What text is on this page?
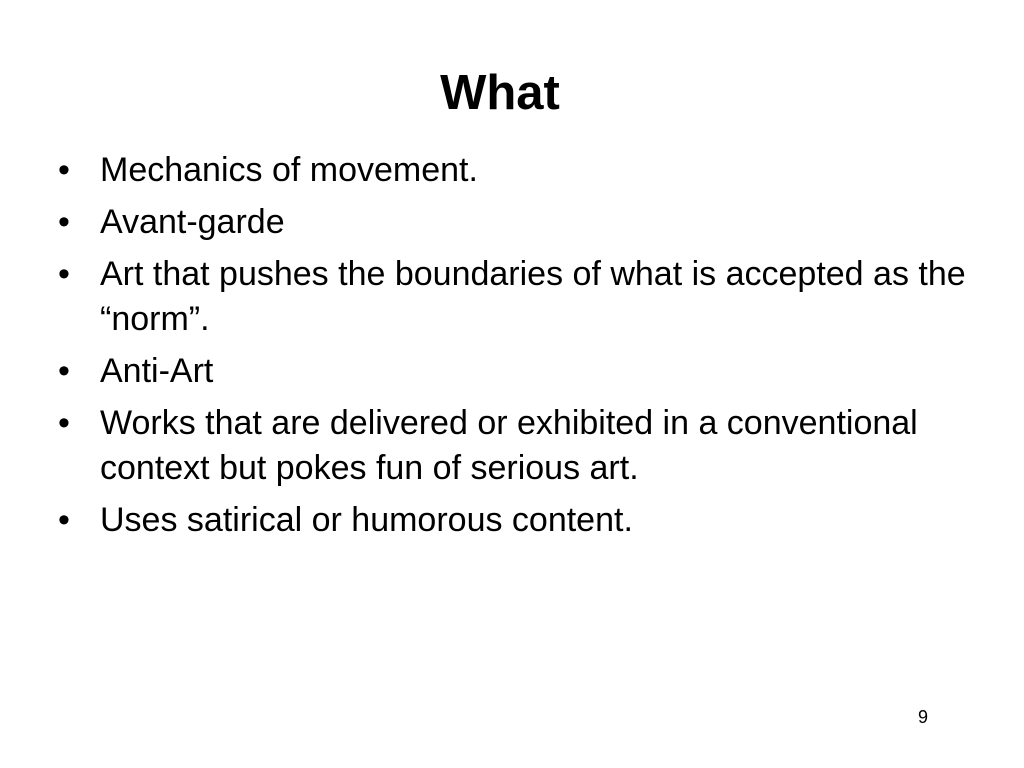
What
• Mechanics of movement.
• Avant-garde
• Art that pushes the boundaries of what is accepted as the “norm”.
• Anti-Art
• Works that are delivered or exhibited in a conventional context but pokes fun of serious art.
• Uses satirical or humorous content.
9
